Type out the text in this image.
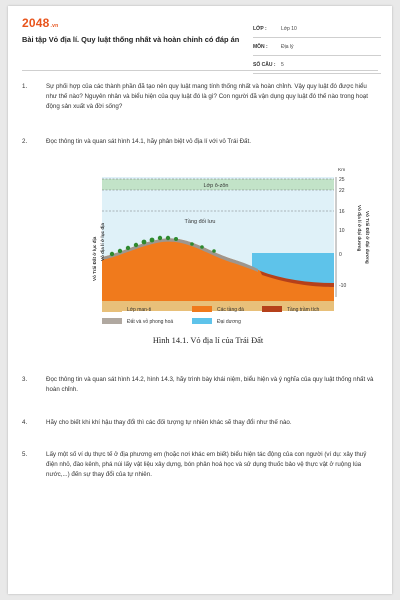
2048.vn
Bài tập Vỏ địa lí. Quy luật thống nhất và hoàn chỉnh có đáp án
LỚP :	Lớp 10
MÔN :	Địa lý
SỐ CÂU :	5
1.	Sự phối hợp của các thành phần đã tạo nên quy luật mang tính thống nhất và hoàn chỉnh. Vậy quy luật đó được hiểu như thế nào? Nguyên nhân và biểu hiện của quy luật đó là gì? Con người đã vận dụng quy luật đó thế nào trong hoạt động sản xuất và đời sống?
2.	Đọc thông tin và quan sát hình 14.1, hãy phân biệt vỏ địa lí với vỏ Trái Đất.
Lớp ô-zôn
Tầng đối lưu
Vỏ Trái Đất ở lục địa Vỏ địa lí ở lục địa	Vỏ địa lí ở đại dương Vỏ Trái Đất ở đại dương
Km
25
22
16
10
0
-10
Lớp man-ti	Các tầng đá	Tầng trầm tích
Đất và vỏ phong hoá	Đại dương
Hình 14.1. Vỏ địa lí của Trái Đất
3.	Đọc thông tin và quan sát hình 14.2, hình 14.3, hãy trình bày khái niệm, biểu hiện và ý nghĩa của quy luật thống nhất và hoàn chỉnh.
4.	Hãy cho biết khi khí hậu thay đổi thì các đối tượng tự nhiên khác sẽ thay đổi như thế nào.
5.	Lấy một số ví dụ thực tế ở địa phương em (hoặc nơi khác em biết) biểu hiện tác động của con người (ví dụ: xây thuỷ điện nhỏ, đào kênh, phá núi lấy vật liệu xây dựng, bón phân hoá học và sử dụng thuốc bảo vệ thực vật ở ruộng lúa nước,...) đến sự thay đổi của tự nhiên.
